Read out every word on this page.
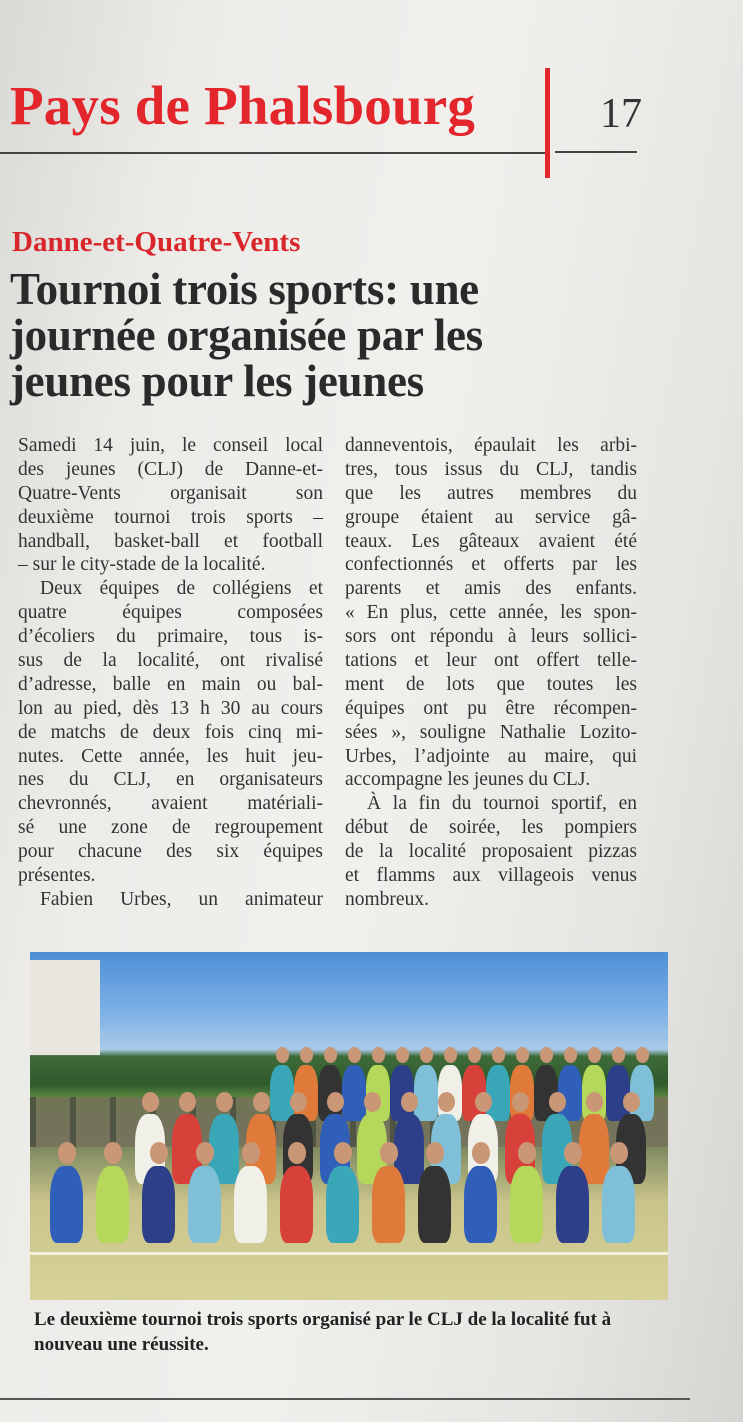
Pays de Phalsbourg	17
Danne-et-Quatre-Vents
Tournoi trois sports: une journée organisée par les jeunes pour les jeunes
Samedi 14 juin, le conseil local
des jeunes (CLJ) de Danne-et-
Quatre-Vents organisait son
deuxième tournoi trois sports –
handball, basket-ball et football
– sur le city-stade de la localité.
Deux équipes de collégiens et
quatre équipes composées
d’écoliers du primaire, tous is-
sus de la localité, ont rivalisé
d’adresse, balle en main ou bal-
lon au pied, dès 13 h 30 au cours
de matchs de deux fois cinq mi-
nutes. Cette année, les huit jeu-
nes du CLJ, en organisateurs
chevronnés, avaient matériali-
sé une zone de regroupement
pour chacune des six équipes
présentes.
Fabien Urbes, un animateur
danneventois, épaulait les arbi-
tres, tous issus du CLJ, tandis
que les autres membres du
groupe étaient au service gâ-
teaux. Les gâteaux avaient été
confectionnés et offerts par les
parents et amis des enfants.
« En plus, cette année, les spon-
sors ont répondu à leurs sollici-
tations et leur ont offert telle-
ment de lots que toutes les
équipes ont pu être récompen-
sées », souligne Nathalie Lozito-
Urbes, l’adjointe au maire, qui
accompagne les jeunes du CLJ.
À la fin du tournoi sportif, en
début de soirée, les pompiers
de la localité proposaient pizzas
et flamms aux villageois venus
nombreux.
Le deuxième tournoi trois sports organisé par le CLJ de la localité fut à nouveau une réussite.
